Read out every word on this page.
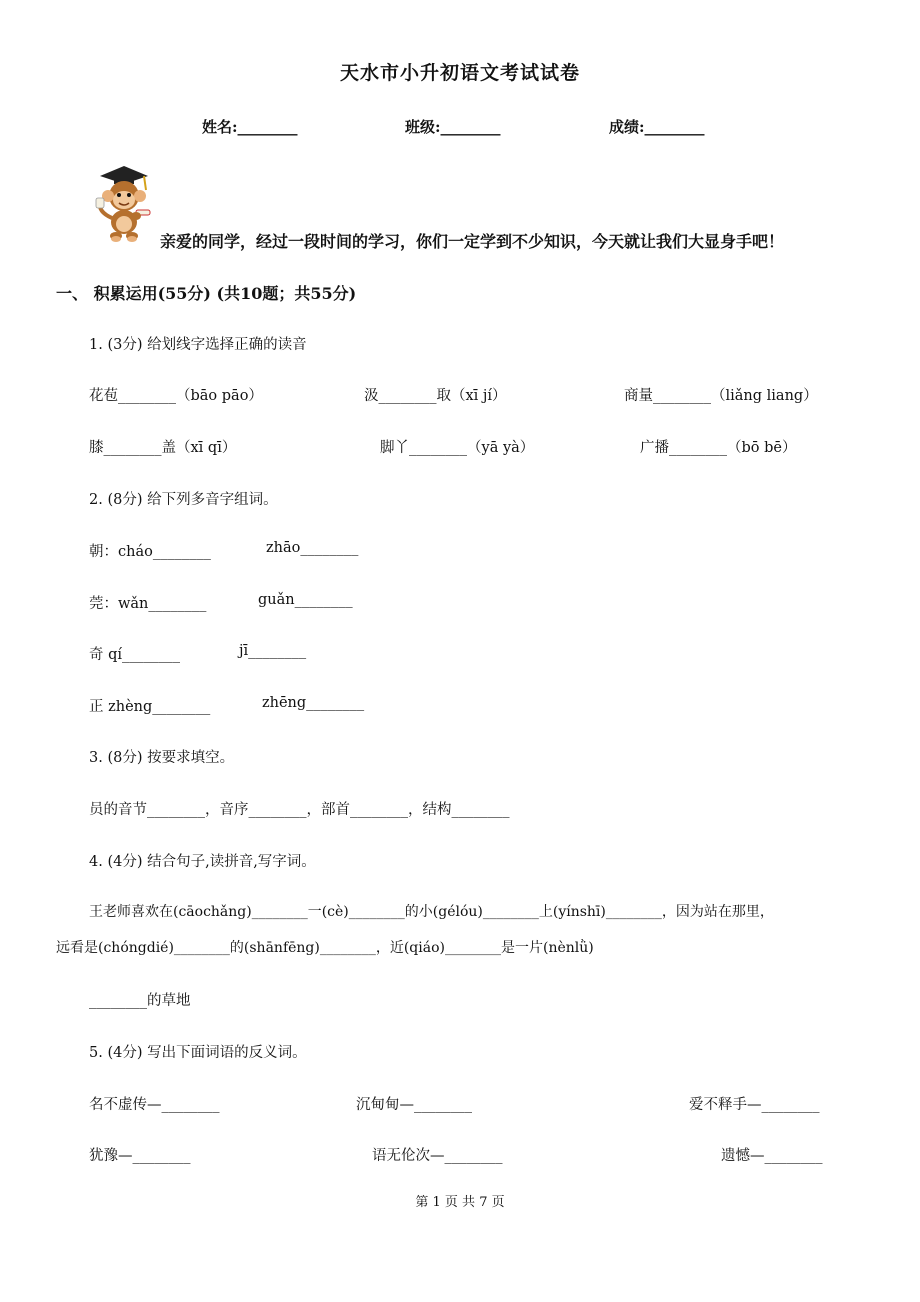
天水市小升初语文考试试卷
姓名:________	班级:________	成绩:________
亲爱的同学，经过一段时间的学习，你们一定学到不少知识，今天就让我们大显身手吧！
一、 积累运用(55分) (共10题；共55分)
1. (3分) 给划线字选择正确的读音
花苞________（bāo pāo）	汲________取（xī jí）	商量________（liǎng liang）
膝________盖（xī qī）	脚丫________（yā yà）	广播________（bō bē）
2. (8分) 给下列多音字组词。
朝：cháo________	zhāo________
莞：wǎn________	guǎn________
奇 qí________	jī________
正 zhèng________	zhēng________
3. (8分) 按要求填空。
员的音节________，音序________，部首________，结构________
4. (4分) 结合句子,读拼音,写字词。
王老师喜欢在(cāochǎng)________一(cè)________的小(gélóu)________上(yínshī)________，因为站在那里，
远看是(chóngdié)________的(shānfēng)________，近(qiáo)________是一片(nènlǜ)
________的草地
5. (4分) 写出下面词语的反义词。
名不虚传—________	沉甸甸—________	爱不释手—________
犹豫—________	语无伦次—________	遗憾—________
第 1 页 共 7 页
